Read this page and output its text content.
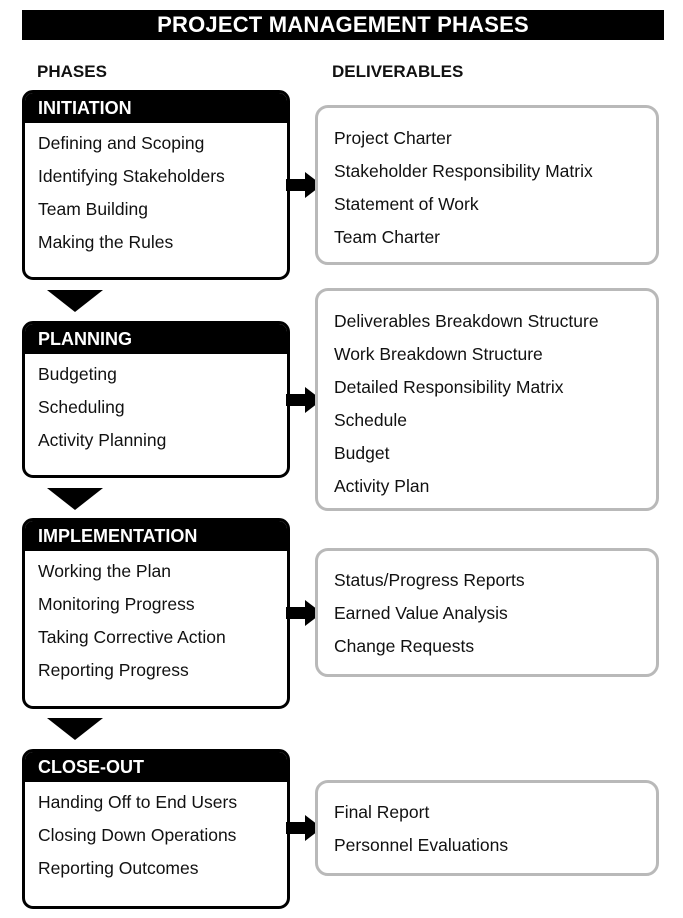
PROJECT MANAGEMENT PHASES
PHASES	DELIVERABLES
INITIATION
Defining and Scoping
Identifying Stakeholders
Team Building
Making the Rules
Project Charter
Stakeholder Responsibility Matrix
Statement of Work
Team Charter
PLANNING
Budgeting
Scheduling
Activity Planning
Deliverables Breakdown Structure
Work Breakdown Structure
Detailed Responsibility Matrix
Schedule
Budget
Activity Plan
IMPLEMENTATION
Working the Plan
Monitoring Progress
Taking Corrective Action
Reporting Progress
Status/Progress Reports
Earned Value Analysis
Change Requests
CLOSE-OUT
Handing Off to End Users
Closing Down Operations
Reporting Outcomes
Final Report
Personnel Evaluations
